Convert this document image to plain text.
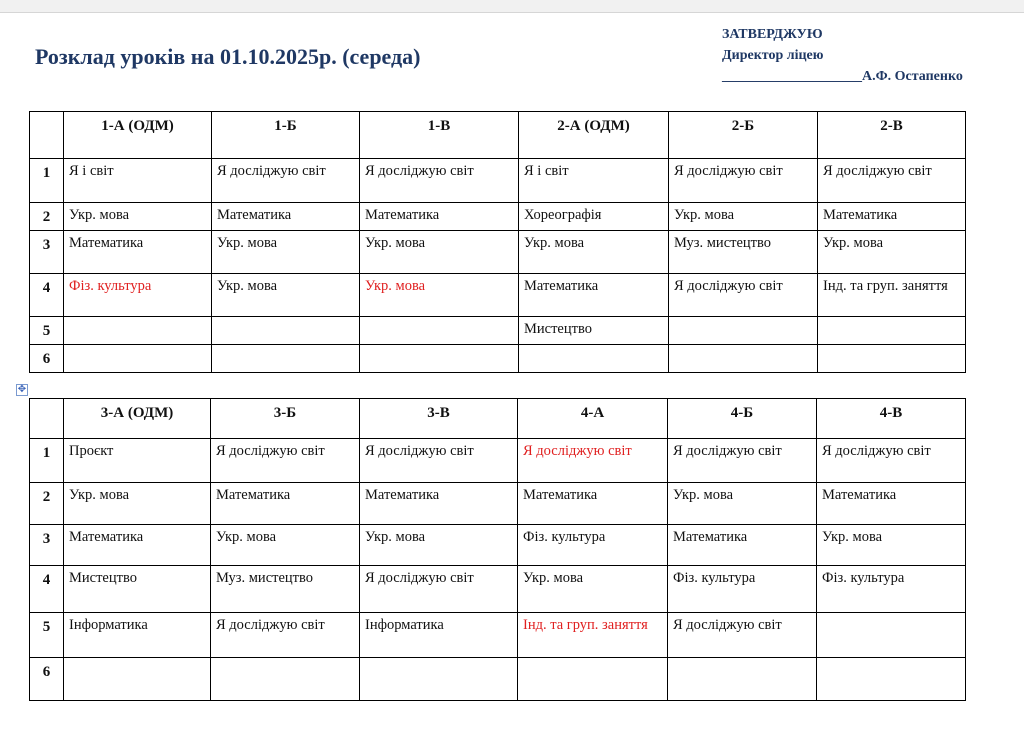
Розклад уроків на 01.10.2025р. (середа)
ЗАТВЕРДЖУЮ
Директор ліцею
____________________А.Ф. Остапенко
	1-А (ОДМ)	1-Б	1-В	2-А (ОДМ)	2-Б	2-В
1	Я і світ	Я досліджую світ	Я досліджую світ	Я і світ	Я досліджую світ	Я досліджую світ
2	Укр. мова	Математика	Математика	Хореографія	Укр. мова	Математика
3	Математика	Укр. мова	Укр. мова	Укр. мова	Муз. мистецтво	Укр. мова
4	Фіз. культура	Укр. мова	Укр. мова	Математика	Я досліджую світ	Інд. та груп. заняття
5				Мистецтво		
6						
✥
	3-А (ОДМ)	3-Б	3-В	4-А	4-Б	4-В
1	Проєкт	Я досліджую світ	Я досліджую світ	Я досліджую світ	Я досліджую світ	Я досліджую світ
2	Укр. мова	Математика	Математика	Математика	Укр. мова	Математика
3	Математика	Укр. мова	Укр. мова	Фіз. культура	Математика	Укр. мова
4	Мистецтво	Муз. мистецтво	Я досліджую світ	Укр. мова	Фіз. культура	Фіз. культура
5	Інформатика	Я досліджую світ	Інформатика	Інд. та груп. заняття	Я досліджую світ	
6						
